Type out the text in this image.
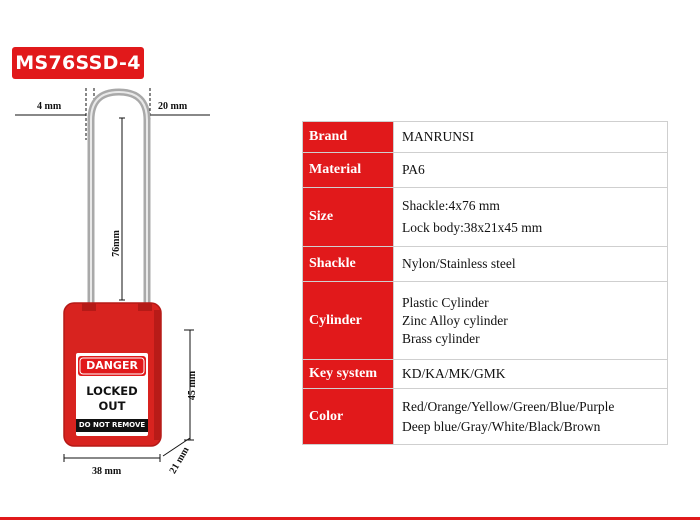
MS76SSD-4
DANGER
LOCKED
OUT
DO NOT REMOVE
4 mm	20 mm
76mm
45 mm
38 mm	21 mm
Brand	MANRUNSI

Material	PA6

Size	Shackle:4x76 mm
Lock body:38x21x45 mm

Shackle	Nylon/Stainless steel

Cylinder	Plastic Cylinder
Zinc Alloy cylinder
Brass cylinder

Key system	KD/KA/MK/GMK

Color	Red/Orange/Yellow/Green/Blue/Purple
Deep blue/Gray/White/Black/Brown
